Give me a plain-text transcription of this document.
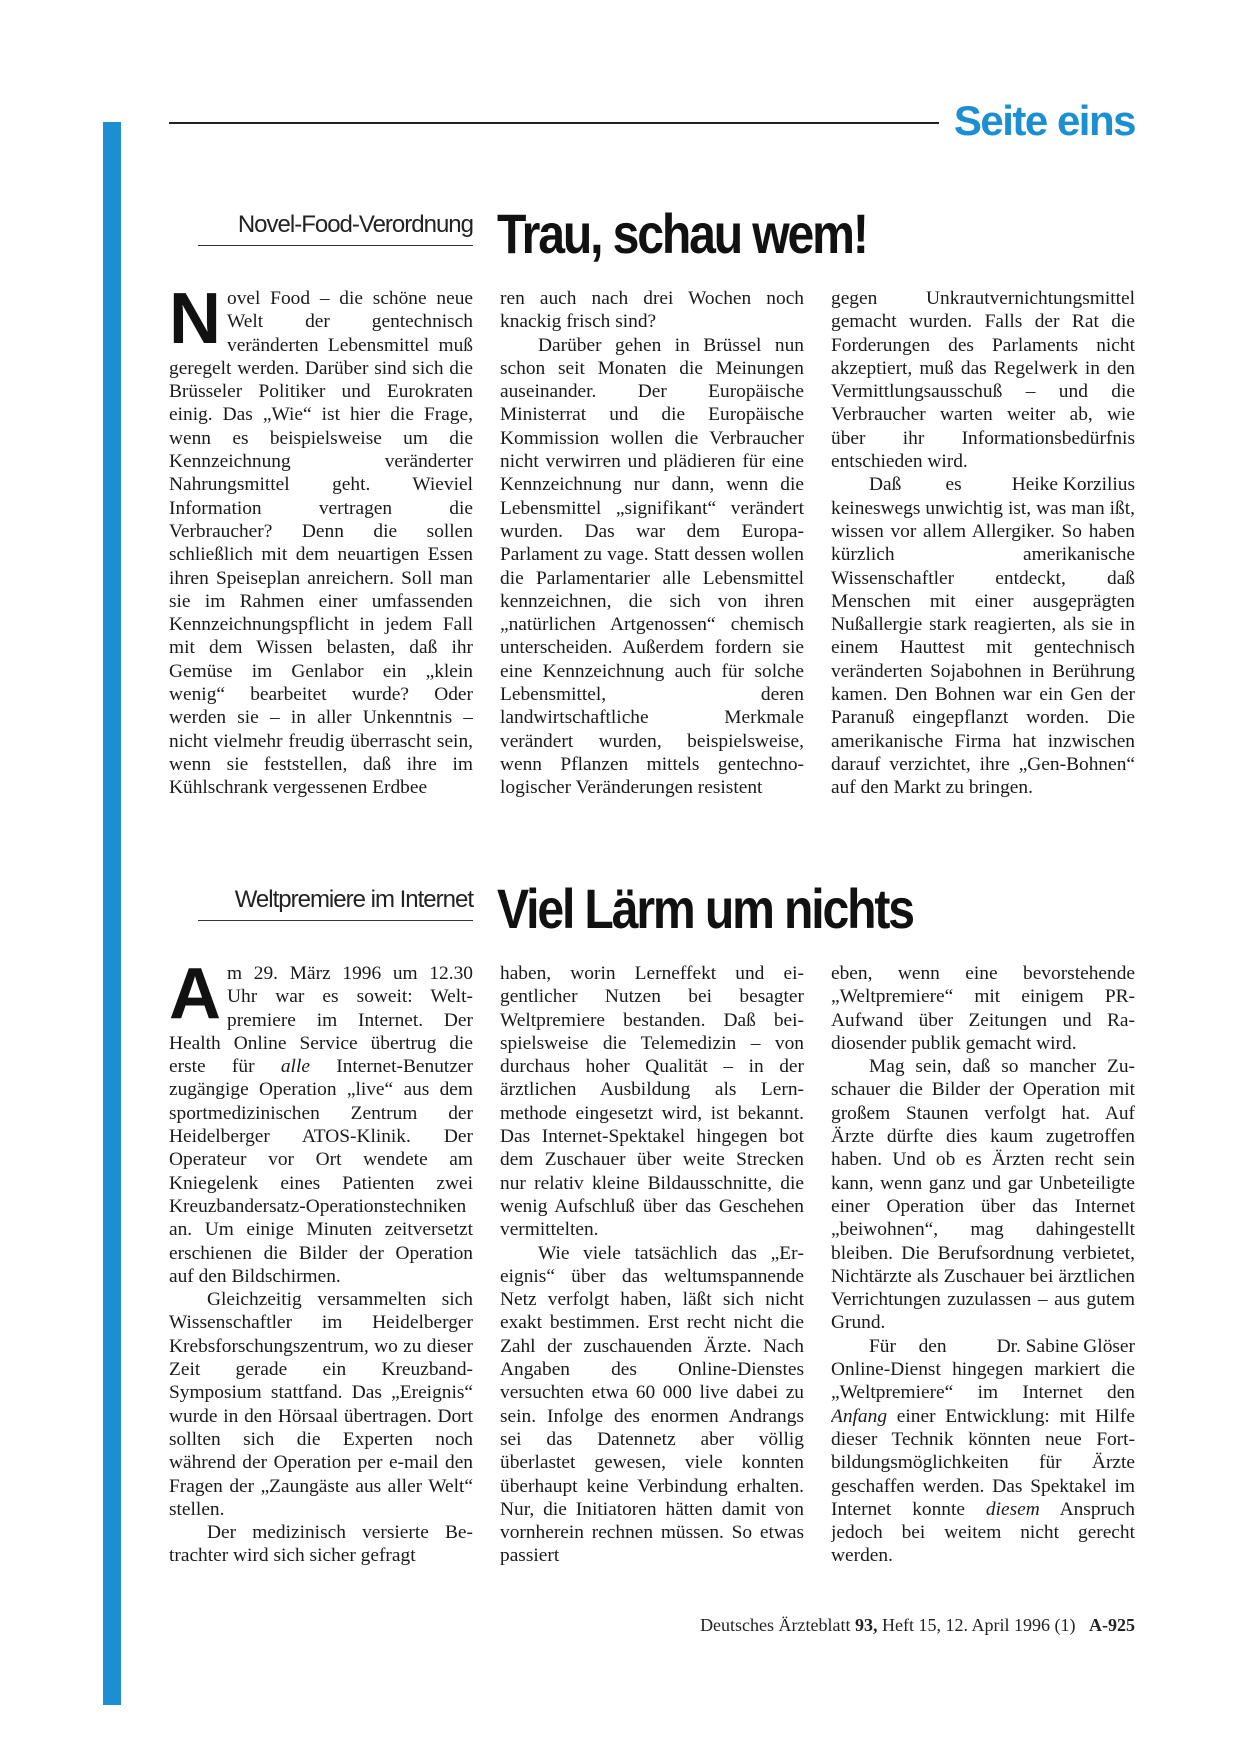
Seite eins
Novel-Food-Verordnung Trau, schau wem!

Novel Food – die schöne neue Welt der gentechnisch veränderten Lebensmittel muß geregelt werden. Darüber sind sich die Brüsseler Politiker und Eurokraten einig. Das „Wie“ ist hier die Frage, wenn es beispielsweise um die Kennzeichnung veränderter Nahrungsmittel geht. Wieviel Information vertragen die Verbraucher? Denn die sollen schließlich mit dem neuartigen Essen ihren Speiseplan anreichern. Soll man sie im Rahmen einer umfassenden Kennzeichnungspflicht in jedem Fall mit dem Wissen belasten, daß ihr Gemüse im Genlabor ein „klein wenig“ bearbeitet wurde? Oder werden sie – in aller Unkenntnis – nicht vielmehr freudig überrascht sein, wenn sie feststellen, daß ihre im Kühlschrank vergessenen Erdbee

ren auch nach drei Wochen noch knackig frisch sind?

Darüber gehen in Brüssel nun schon seit Monaten die Meinungen auseinander. Der Europäische Ministerrat und die Europäische Kommission wollen die Verbraucher nicht verwirren und plädieren für eine Kennzeichnung nur dann, wenn die Lebensmittel „signifikant“ verändert wurden. Das war dem Europa-Parlament zu vage. Statt dessen wollen die Parlamentarier alle Lebensmittel kennzeichnen, die sich von ihren „natürlichen Artgenossen“ chemisch unterscheiden. Außerdem fordern sie eine Kennzeichnung auch für solche Lebensmittel, deren landwirtschaftliche Merkmale verändert wurden, beispielsweise, wenn Pflanzen mittels gentechnologischer Veränderungen resistent

gegen Unkrautvernichtungsmittel gemacht wurden. Falls der Rat die Forderungen des Parlaments nicht akzeptiert, muß das Regelwerk in den Vermittlungsausschuß – und die Verbraucher warten weiter ab, wie über ihr Informationsbedürfnis entschieden wird.

Heike Korzilius
Daß es keineswegs unwichtig ist, was man ißt, wissen vor allem Allergiker. So haben kürzlich amerikanische Wissenschaftler entdeckt, daß Menschen mit einer ausgeprägten Nußallergie stark reagierten, als sie in einem Hauttest mit gentechnisch veränderten Sojabohnen in Berührung kamen. Den Bohnen war ein Gen der Paranuß eingepflanzt worden. Die amerikanische Firma hat inzwischen darauf verzichtet, ihre „Gen-Bohnen“ auf den Markt zu bringen.

Weltpremiere im Internet Viel Lärm um nichts

Am 29. März 1996 um 12.30 Uhr war es soweit: Weltpremiere im Internet. Der Health Online Service übertrug die erste für alle Internet-Benutzer zugängige Operation „live“ aus dem sportmedizinischen Zentrum der Heidelberger ATOS-Klinik. Der Operateur vor Ort wendete am Kniegelenk eines Patienten zwei Kreuzbandersatz-Operationstechniken an. Um einige Minuten zeitversetzt erschienen die Bilder der Operation auf den Bildschirmen.

Gleichzeitig versammelten sich Wissenschaftler im Heidelberger Krebsforschungszentrum, wo zu dieser Zeit gerade ein Kreuzband-Symposium stattfand. Das „Ereignis“ wurde in den Hörsaal übertragen. Dort sollten sich die Experten noch während der Operation per e-mail den Fragen der „Zaungäste aus aller Welt“ stellen.

Der medizinisch versierte Betrachter wird sich sicher gefragt

haben, worin Lerneffekt und eigentlicher Nutzen bei besagter Weltpremiere bestanden. Daß beispielsweise die Telemedizin – von durchaus hoher Qualität – in der ärztlichen Ausbildung als Lernmethode eingesetzt wird, ist bekannt. Das Internet-Spektakel hingegen bot dem Zuschauer über weite Strecken nur relativ kleine Bildausschnitte, die wenig Aufschluß über das Geschehen vermittelten.

Wie viele tatsächlich das „Ereignis“ über das weltumspannende Netz verfolgt haben, läßt sich nicht exakt bestimmen. Erst recht nicht die Zahl der zuschauenden Ärzte. Nach Angaben des Online-Dienstes versuchten etwa 60 000 live dabei zu sein. Infolge des enormen Andrangs sei das Datennetz aber völlig überlastet gewesen, viele konnten überhaupt keine Verbindung erhalten. Nur, die Initiatoren hätten damit von vornherein rechnen müssen. So etwas passiert

eben, wenn eine bevorstehende „Weltpremiere“ mit einigem PR-Aufwand über Zeitungen und Radiosender publik gemacht wird.

Mag sein, daß so mancher Zuschauer die Bilder der Operation mit großem Staunen verfolgt hat. Auf Ärzte dürfte dies kaum zugetroffen haben. Und ob es Ärzten recht sein kann, wenn ganz und gar Unbeteiligte einer Operation über das Internet „beiwohnen“, mag dahingestellt bleiben. Die Berufsordnung verbietet, Nichtärzte als Zuschauer bei ärztlichen Verrichtungen zuzulassen – aus gutem Grund.

Dr. Sabine Glöser
Für den Online-Dienst hingegen markiert die „Weltpremiere“ im Internet den Anfang einer Entwicklung: mit Hilfe dieser Technik könnten neue Fortbildungsmöglichkeiten für Ärzte geschaffen werden. Das Spektakel im Internet konnte diesem Anspruch jedoch bei weitem nicht gerecht werden.

Deutsches Ärzteblatt 93, Heft 15, 12. April 1996 (1) A-925
